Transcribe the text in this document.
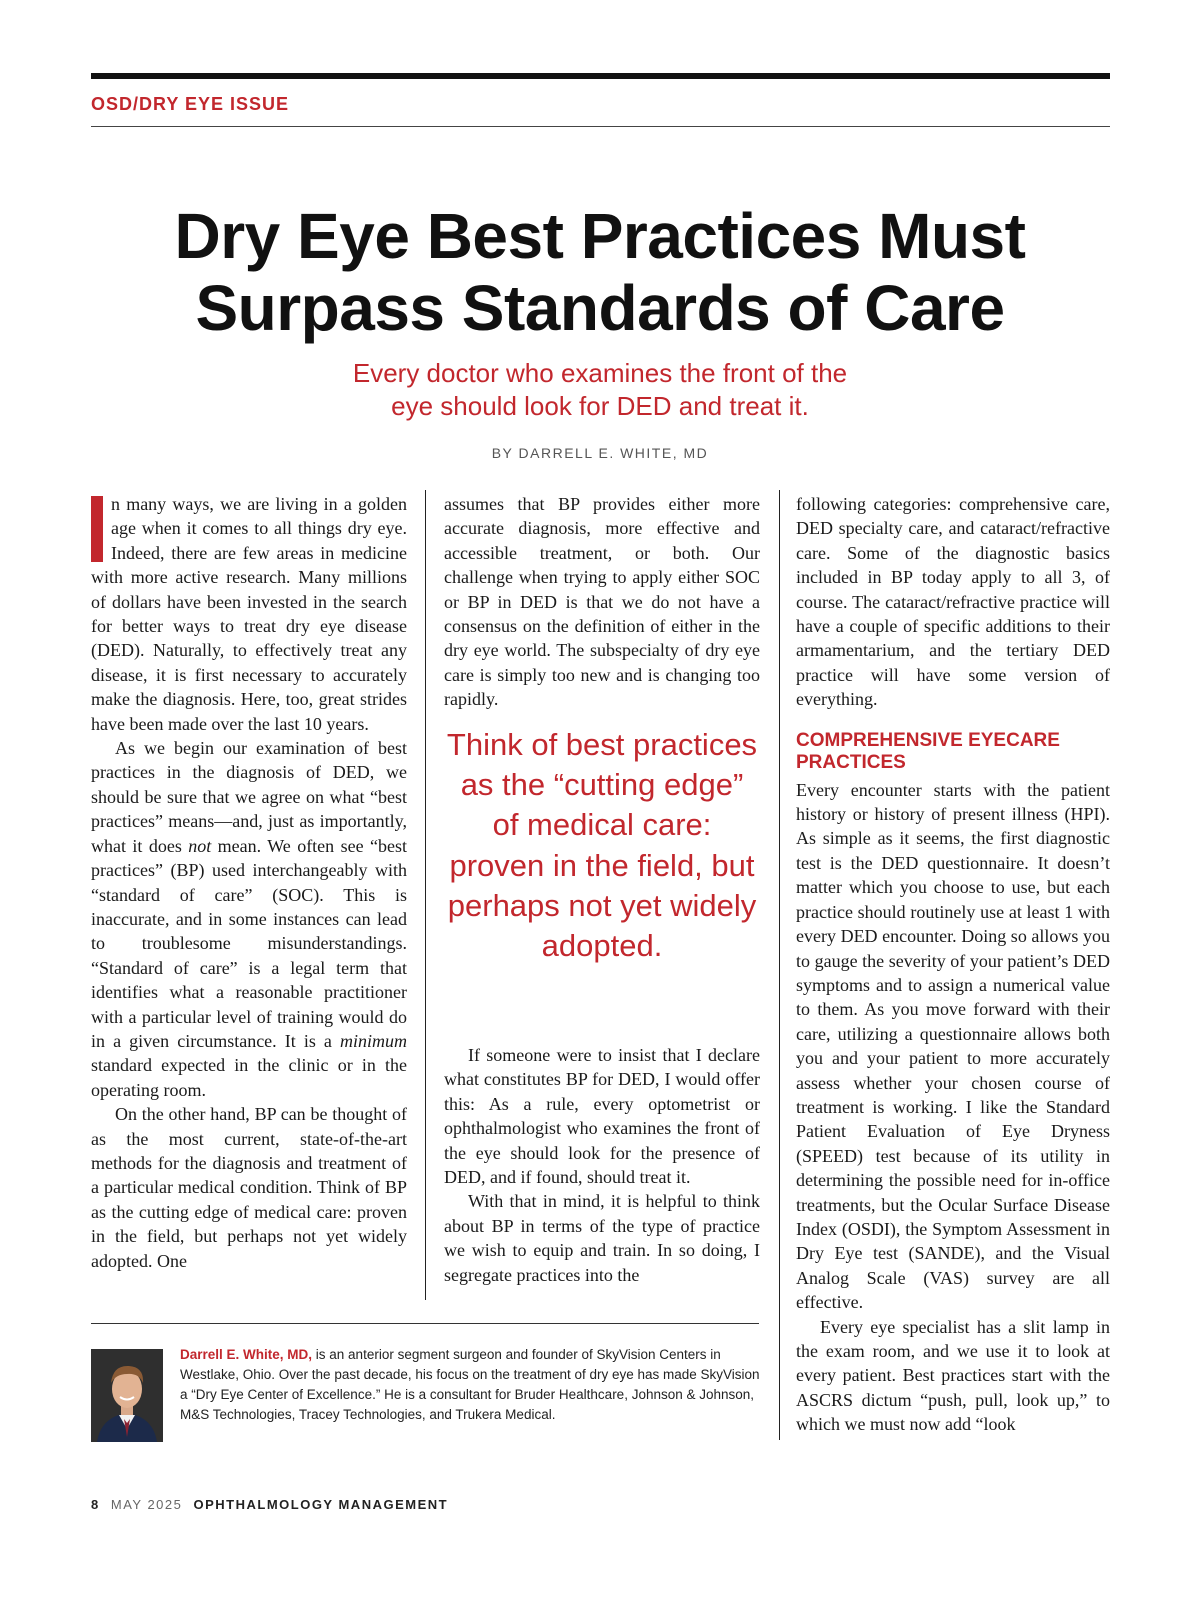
OSD/DRY EYE ISSUE
Dry Eye Best Practices Must
Surpass Standards of Care
Every doctor who examines the front of the
eye should look for DED and treat it.
BY DARRELL E. WHITE, MD

n many ways, we are living in a golden age when it comes to all things dry eye. Indeed, there are few areas in medicine with more active research. Many millions of dollars have been invested in the search for better ways to treat dry eye disease (DED). Naturally, to effectively treat any disease, it is first necessary to accurately make the diagnosis. Here, too, great strides have been made over the last 10 years.

As we begin our examination of best practices in the diagnosis of DED, we should be sure that we agree on what “best practices” means—and, just as importantly, what it does not mean. We often see “best practices” (BP) used interchangeably with “standard of care” (SOC). This is inaccurate, and in some instances can lead to troublesome misunderstandings. “Standard of care” is a legal term that identifies what a reasonable practitioner with a particular level of training would do in a given circumstance. It is a minimum standard expected in the clinic or in the operating room.

On the other hand, BP can be thought of as the most current, state-of-the-art methods for the diagnosis and treatment of a particular medical condition. Think of BP as the cutting edge of medical care: proven in the field, but perhaps not yet widely adopted. One

assumes that BP provides either more accurate diagnosis, more effective and accessible treatment, or both. Our challenge when trying to apply either SOC or BP in DED is that we do not have a consensus on the definition of either in the dry eye world. The subspecialty of dry eye care is simply too new and is changing too rapidly.

Think of best practices as the “cutting edge” of medical care: proven in the field, but perhaps not yet widely adopted.

If someone were to insist that I declare what constitutes BP for DED, I would offer this: As a rule, every optometrist or ophthalmologist who examines the front of the eye should look for the presence of DED, and if found, should treat it.

With that in mind, it is helpful to think about BP in terms of the type of practice we wish to equip and train. In so doing, I segregate practices into the

following categories: comprehensive care, DED specialty care, and cataract/refractive care. Some of the diagnostic basics included in BP today apply to all 3, of course. The cataract/refractive practice will have a couple of specific additions to their armamentarium, and the tertiary DED practice will have some version of everything.

COMPREHENSIVE EYECARE PRACTICES

Every encounter starts with the patient history or history of present illness (HPI). As simple as it seems, the first diagnostic test is the DED questionnaire. It doesn’t matter which you choose to use, but each practice should routinely use at least 1 with every DED encounter. Doing so allows you to gauge the severity of your patient’s DED symptoms and to assign a numerical value to them. As you move forward with their care, utilizing a questionnaire allows both you and your patient to more accurately assess whether your chosen course of treatment is working. I like the Standard Patient Evaluation of Eye Dryness (SPEED) test because of its utility in determining the possible need for in-office treatments, but the Ocular Surface Disease Index (OSDI), the Symptom Assessment in Dry Eye test (SANDE), and the Visual Analog Scale (VAS) survey are all effective.

Every eye specialist has a slit lamp in the exam room, and we use it to look at every patient. Best practices start with the ASCRS dictum “push, pull, look up,” to which we must now add “look

Darrell E. White, MD, is an anterior segment surgeon and founder of SkyVision Centers in Westlake, Ohio. Over the past decade, his focus on the treatment of dry eye has made SkyVision a “Dry Eye Center of Excellence.” He is a consultant for Bruder Healthcare, Johnson & Johnson, M&S Technologies, Tracey Technologies, and Trukera Medical.
8 MAY 2025 OPHTHALMOLOGY MANAGEMENT
